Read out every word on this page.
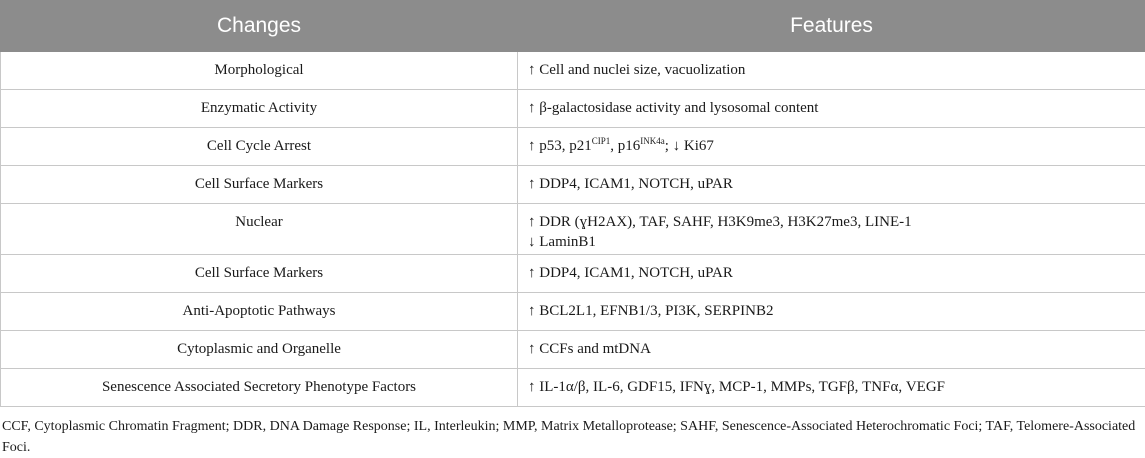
Changes	Features
Morphological	↑ Cell and nuclei size, vacuolization
Enzymatic Activity	↑ β-galactosidase activity and lysosomal content
Cell Cycle Arrest	↑ p53, $p21^{CIP1}$, $p16^{INK4a}$; ↓ Ki67
Cell Surface Markers	↑ DDP4, ICAM1, NOTCH, uPAR
Nuclear	↑ DDR (ɣH2AX), TAF, SAHF, H3K9me3, H3K27me3, LINE-1
↓ LaminB1

Cell Surface Markers	↑ DDP4, ICAM1, NOTCH, uPAR
Anti-Apoptotic Pathways	↑ BCL2L1, EFNB1/3, PI3K, SERPINB2
Cytoplasmic and Organelle	↑ CCFs and mtDNA
Senescence Associated Secretory Phenotype Factors	↑ IL-1α/β, IL-6, GDF15, IFNɣ, MCP-1, MMPs, TGFβ, TNFα, VEGF
CCF, Cytoplasmic Chromatin Fragment; DDR, DNA Damage Response; IL, Interleukin; MMP, Matrix Metalloprotease; SAHF, Senescence-Associated Heterochromatic Foci; TAF, Telomere-Associated Foci.
